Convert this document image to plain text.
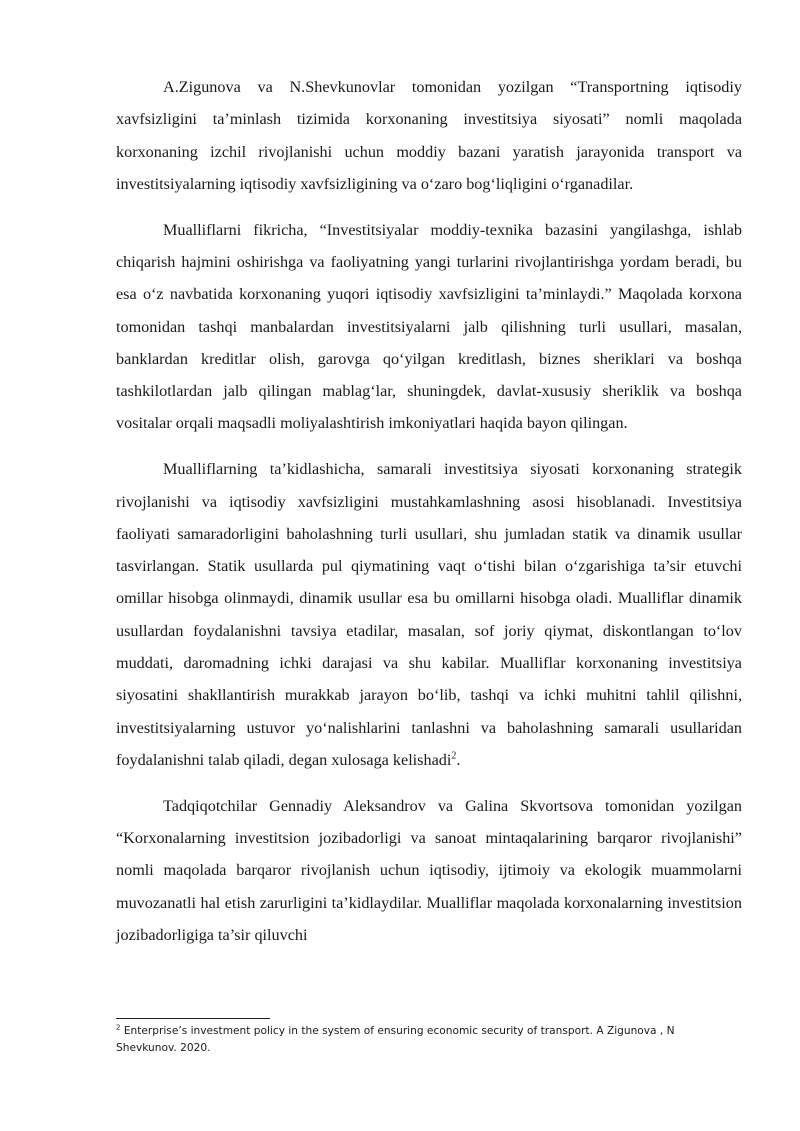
A.Zigunova va N.Shevkunovlar tomonidan yozilgan “Transportning iqtisodiy xavfsizligini ta’minlash tizimida korxonaning investitsiya siyosati” nomli maqolada korxonaning izchil rivojlanishi uchun moddiy bazani yaratish jarayonida transport va investitsiyalarning iqtisodiy xavfsizligining va o‘zaro bog‘liqligini o‘rganadilar.

Mualliflarni fikricha, “Investitsiyalar moddiy-texnika bazasini yangilashga, ishlab chiqarish hajmini oshirishga va faoliyatning yangi turlarini rivojlantirishga yordam beradi, bu esa o‘z navbatida korxonaning yuqori iqtisodiy xavfsizligini ta’minlaydi.” Maqolada korxona tomonidan tashqi manbalardan investitsiyalarni jalb qilishning turli usullari, masalan, banklardan kreditlar olish, garovga qo‘yilgan kreditlash, biznes sheriklari va boshqa tashkilotlardan jalb qilingan mablag‘lar, shuningdek, davlat-xususiy sheriklik va boshqa vositalar orqali maqsadli moliyalashtirish imkoniyatlari haqida bayon qilingan.

Mualliflarning ta’kidlashicha, samarali investitsiya siyosati korxonaning strategik rivojlanishi va iqtisodiy xavfsizligini mustahkamlashning asosi hisoblanadi. Investitsiya faoliyati samaradorligini baholashning turli usullari, shu jumladan statik va dinamik usullar tasvirlangan. Statik usullarda pul qiymatining vaqt o‘tishi bilan o‘zgarishiga ta’sir etuvchi omillar hisobga olinmaydi, dinamik usullar esa bu omillarni hisobga oladi. Mualliflar dinamik usullardan foydalanishni tavsiya etadilar, masalan, sof joriy qiymat, diskontlangan to‘lov muddati, daromadning ichki darajasi va shu kabilar. Mualliflar korxonaning investitsiya siyosatini shakllantirish murakkab jarayon bo‘lib, tashqi va ichki muhitni tahlil qilishni, investitsiyalarning ustuvor yo‘nalishlarini tanlashni va baholashning samarali usullaridan foydalanishni talab qiladi, degan xulosaga kelishadi$^2$.

Tadqiqotchilar Gennadiy Aleksandrov va Galina Skvortsova tomonidan yozilgan “Korxonalarning investitsion jozibadorligi va sanoat mintaqalarining barqaror rivojlanishi” nomli maqolada barqaror rivojlanish uchun iqtisodiy, ijtimoiy va ekologik muammolarni muvozanatli hal etish zarurligini ta’kidlaydilar. Mualliflar maqolada korxonalarning investitsion jozibadorligiga ta’sir qiluvchi

$^2$ Enterprise’s investment policy in the system of ensuring economic security of transport. A Zigunova , N Shevkunov. 2020.
